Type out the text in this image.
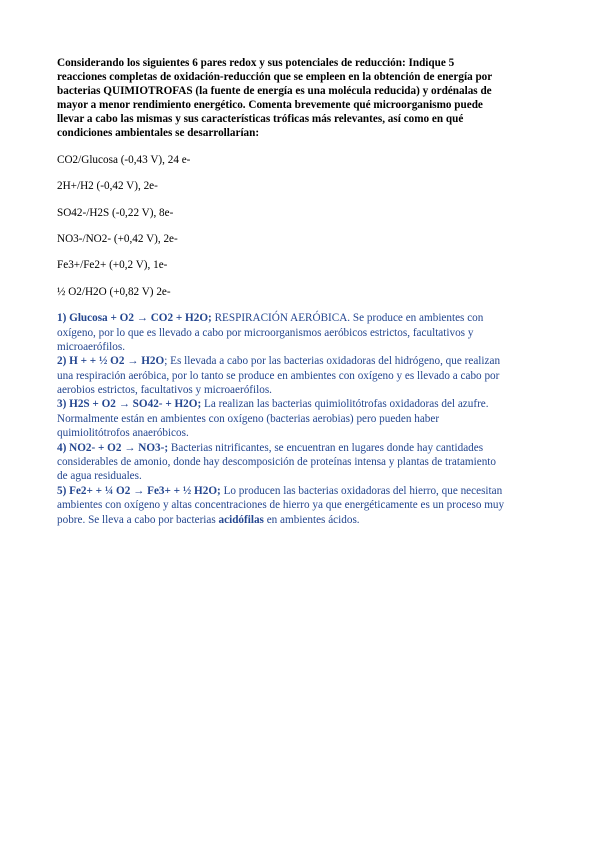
Considerando los siguientes 6 pares redox y sus potenciales de reducción: Indique 5
reacciones completas de oxidación-reducción que se empleen en la obtención de energía por
bacterias QUIMIOTROFAS (la fuente de energía es una molécula reducida) y ordénalas de
mayor a menor rendimiento energético. Comenta brevemente qué microorganismo puede
llevar a cabo las mismas y sus características tróficas más relevantes, así como en qué
condiciones ambientales se desarrollarían:
CO2/Glucosa (-0,43 V), 24 e-
2H+/H2 (-0,42 V), 2e-
SO42-/H2S (-0,22 V), 8e-
NO3-/NO2- (+0,42 V), 2e-
Fe3+/Fe2+ (+0,2 V), 1e-
½ O2/H2O (+0,82 V) 2e-
1) Glucosa + O2 → CO2 + H2O; RESPIRACIÓN AERÓBICA. Se produce en ambientes con
oxígeno, por lo que es llevado a cabo por microorganismos aeróbicos estrictos, facultativos y
microaerófilos.
2) H + + ½ O2 → H2O; Es llevada a cabo por las bacterias oxidadoras del hidrógeno, que realizan
una respiración aeróbica, por lo tanto se produce en ambientes con oxígeno y es llevado a cabo por
aerobios estrictos, facultativos y microaerófilos.
3) H2S + O2 → SO42- + H2O; La realizan las bacterias quimiolitótrofas oxidadoras del azufre.
Normalmente están en ambientes con oxígeno (bacterias aerobias) pero pueden haber
quimiolitótrofos anaeróbicos.
4) NO2- + O2 → NO3-; Bacterias nitrificantes, se encuentran en lugares donde hay cantidades
considerables de amonio, donde hay descomposición de proteínas intensa y plantas de tratamiento
de agua residuales.
5) Fe2+ + ¼ O2 → Fe3+ + ½ H2O; Lo producen las bacterias oxidadoras del hierro, que necesitan
ambientes con oxígeno y altas concentraciones de hierro ya que energéticamente es un proceso muy
pobre. Se lleva a cabo por bacterias acidófilas en ambientes ácidos.
